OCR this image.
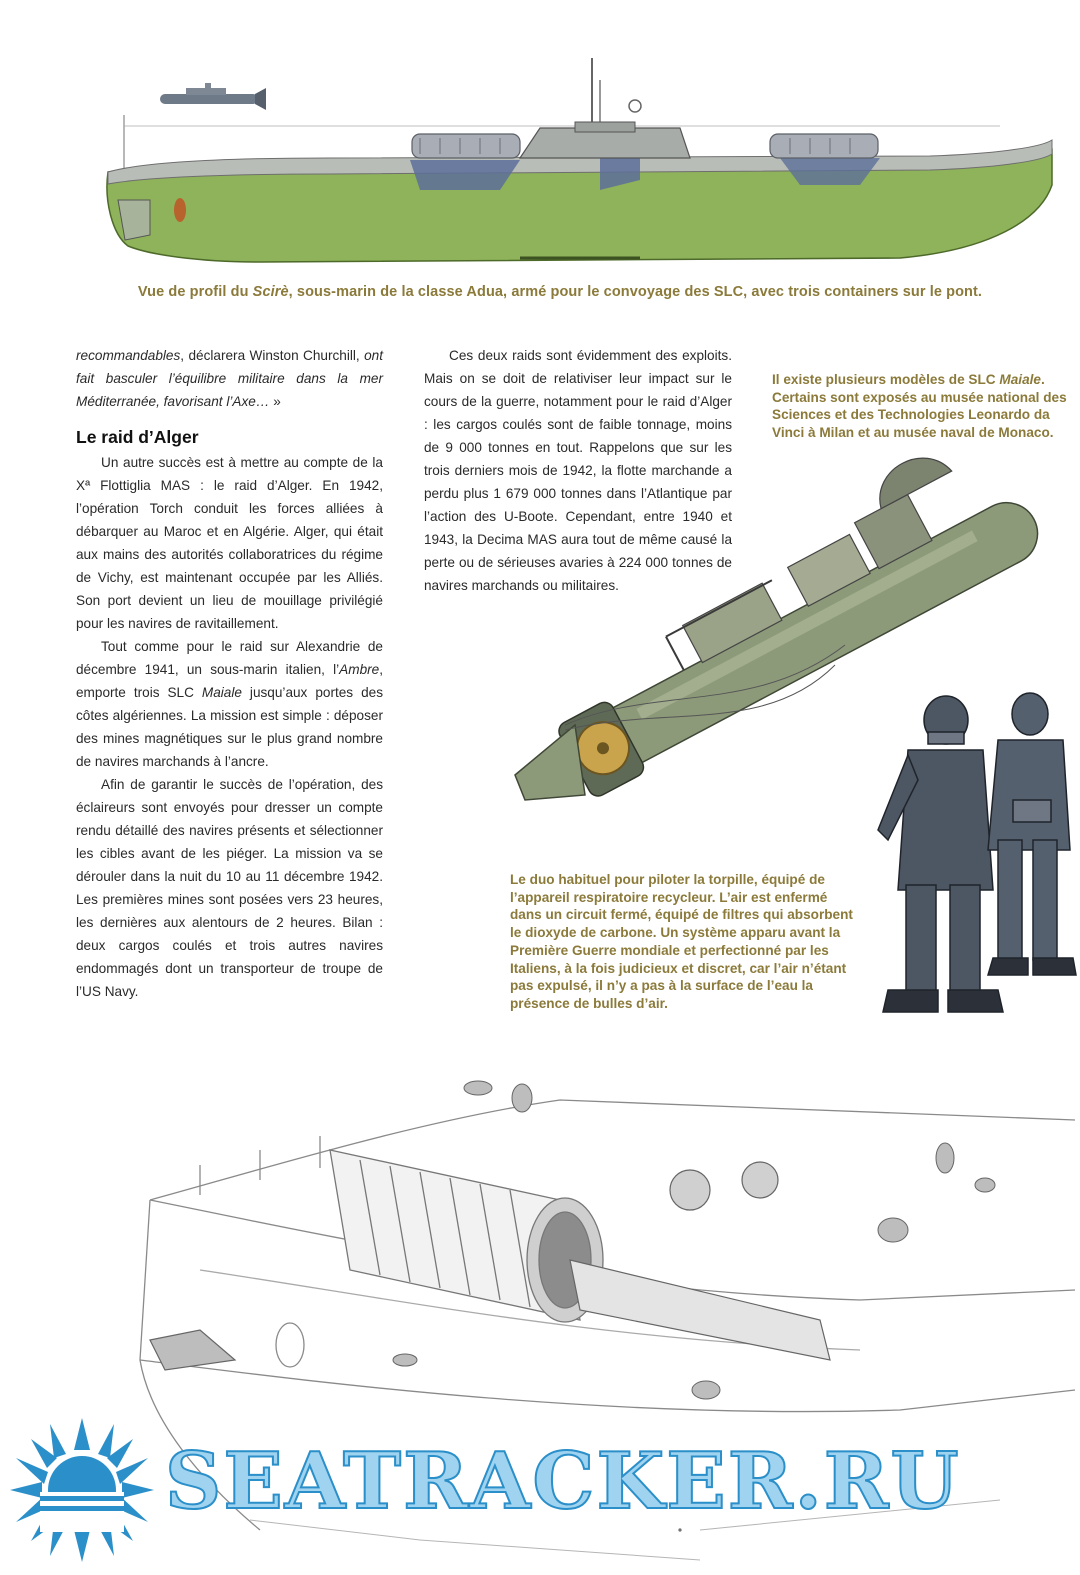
Vue de profil du Scirè, sous-marin de la classe Adua, armé pour le convoyage des SLC, avec trois containers sur le pont.

recommandables, déclarera Winston Churchill, ont fait basculer l’équilibre militaire dans la mer Méditerranée, favorisant l’Axe… »

Le raid d’Alger

Un autre succès est à mettre au compte de la Xª Flottiglia MAS : le raid d’Alger. En 1942, l’opération Torch conduit les forces alliées à débarquer au Maroc et en Algérie. Alger, qui était aux mains des autorités collaboratrices du régime de Vichy, est maintenant occupée par les Alliés. Son port devient un lieu de mouillage privilégié pour les navires de ravitaillement.

Tout comme pour le raid sur Alexandrie de décembre 1941, un sous-marin italien, l’Ambre, emporte trois SLC Maiale jusqu’aux portes des côtes algériennes. La mission est simple : déposer des mines magnétiques sur le plus grand nombre de navires marchands à l’ancre.

Afin de garantir le succès de l’opération, des éclaireurs sont envoyés pour dresser un compte rendu détaillé des navires présents et sélectionner les cibles avant de les piéger. La mission va se dérouler dans la nuit du 10 au 11 décembre 1942. Les premières mines sont posées vers 23 heures, les dernières aux alentours de 2 heures. Bilan : deux cargos coulés et trois autres navires endommagés dont un transporteur de troupe de l’US Navy.

Ces deux raids sont évidemment des exploits. Mais on se doit de relativiser leur impact sur le cours de la guerre, notamment pour le raid d’Alger : les cargos coulés sont de faible tonnage, moins de 9 000 tonnes en tout. Rappelons que sur les trois derniers mois de 1942, la flotte marchande a perdu plus 1 679 000 tonnes dans l’Atlantique par l’action des U-Boote. Cependant, entre 1940 et 1943, la Decima MAS aura tout de même causé la perte ou de sérieuses avaries à 224 000 tonnes de navires marchands ou militaires.

Il existe plusieurs modèles de SLC Maiale. Certains sont exposés au musée national des Sciences et des Technologies Leonardo da Vinci à Milan et au musée naval de Monaco.
Le duo habituel pour piloter la torpille, équipé de l’appareil respiratoire recycleur. L’air est enfermé dans un circuit fermé, équipé de filtres qui absorbent le dioxyde de carbone. Un système apparu avant la Première Guerre mondiale et perfectionné par les Italiens, à la fois judicieux et discret, car l’air n’étant pas expulsé, il n’y a pas à la surface de l’eau la présence de bulles d’air.
SEATRACKER.RU
